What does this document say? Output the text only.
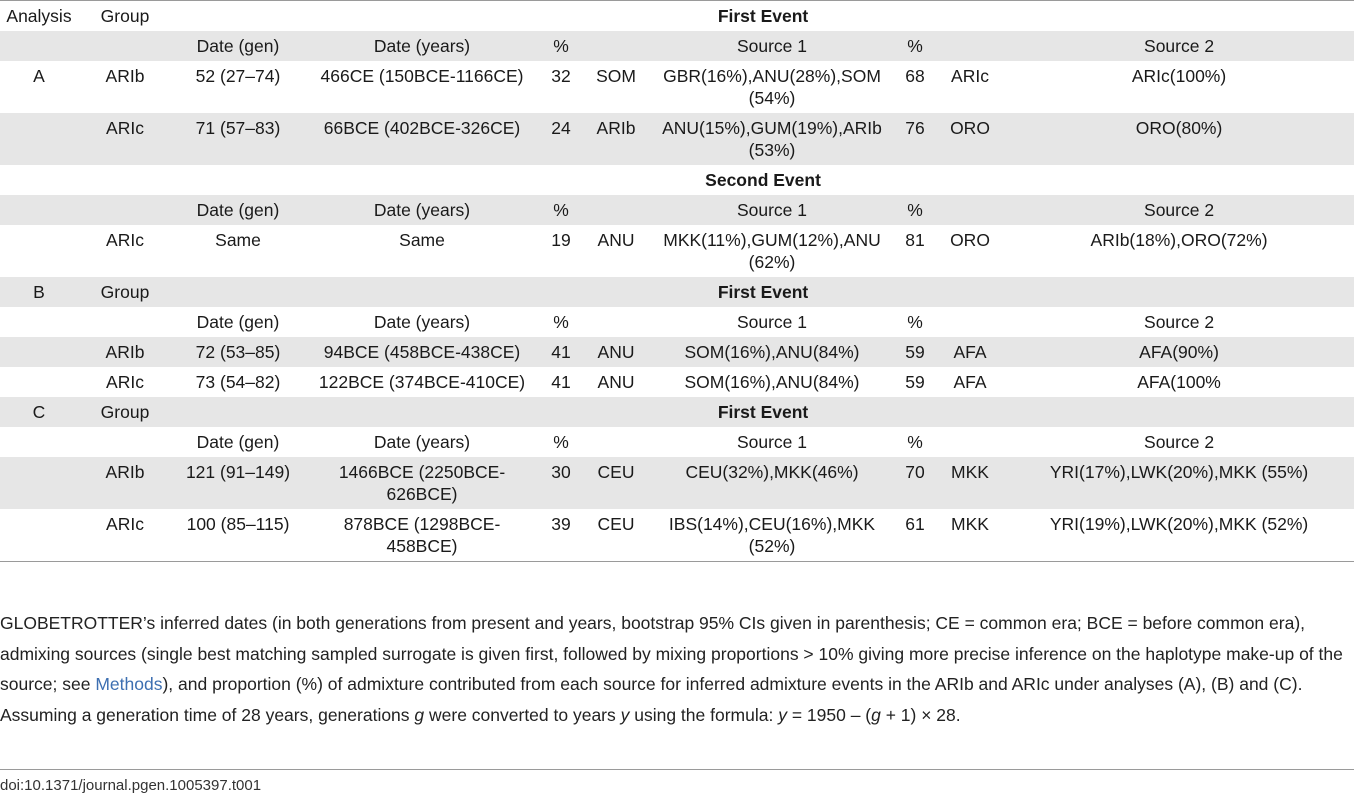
Analysis	Group	First Event							
		Date (gen)	Date (years)	%		Source 1	%		Source 2
A	ARIb	52 (27–74)	466CE (150BCE-1166CE)	32	SOM	GBR(16%),ANU(28%),SOM (54%)	68	ARIc	ARIc(100%)
	ARIc	71 (57–83)	66BCE (402BCE-326CE)	24	ARIb	ANU(15%),GUM(19%),ARIb (53%)	76	ORO	ORO(80%)
		Second Event							
		Date (gen)	Date (years)	%		Source 1	%		Source 2
	ARIc	Same	Same	19	ANU	MKK(11%),GUM(12%),ANU (62%)	81	ORO	ARIb(18%),ORO(72%)
B	Group	First Event							
		Date (gen)	Date (years)	%		Source 1	%		Source 2
	ARIb	72 (53–85)	94BCE (458BCE-438CE)	41	ANU	SOM(16%),ANU(84%)	59	AFA	AFA(90%)
	ARIc	73 (54–82)	122BCE (374BCE-410CE)	41	ANU	SOM(16%),ANU(84%)	59	AFA	AFA(100%
C	Group	First Event							
		Date (gen)	Date (years)	%		Source 1	%		Source 2
	ARIb	121 (91–149)	1466BCE (2250BCE-626BCE)	30	CEU	CEU(32%),MKK(46%)	70	MKK	YRI(17%),LWK(20%),MKK (55%)
	ARIc	100 (85–115)	878BCE (1298BCE-458BCE)	39	CEU	IBS(14%),CEU(16%),MKK (52%)	61	MKK	YRI(19%),LWK(20%),MKK (52%)
GLOBETROTTER’s inferred dates (in both generations from present and years, bootstrap 95% CIs given in parenthesis; CE = common era; BCE = before common era), admixing sources (single best matching sampled surrogate is given first, followed by mixing proportions > 10% giving more precise inference on the haplotype make-up of the source; see Methods), and proportion (%) of admixture contributed from each source for inferred admixture events in the ARIb and ARIc under analyses (A), (B) and (C). Assuming a generation time of 28 years, generations g were converted to years y using the formula: y = 1950 – (g + 1) × 28.
doi:10.1371/journal.pgen.1005397.t001
